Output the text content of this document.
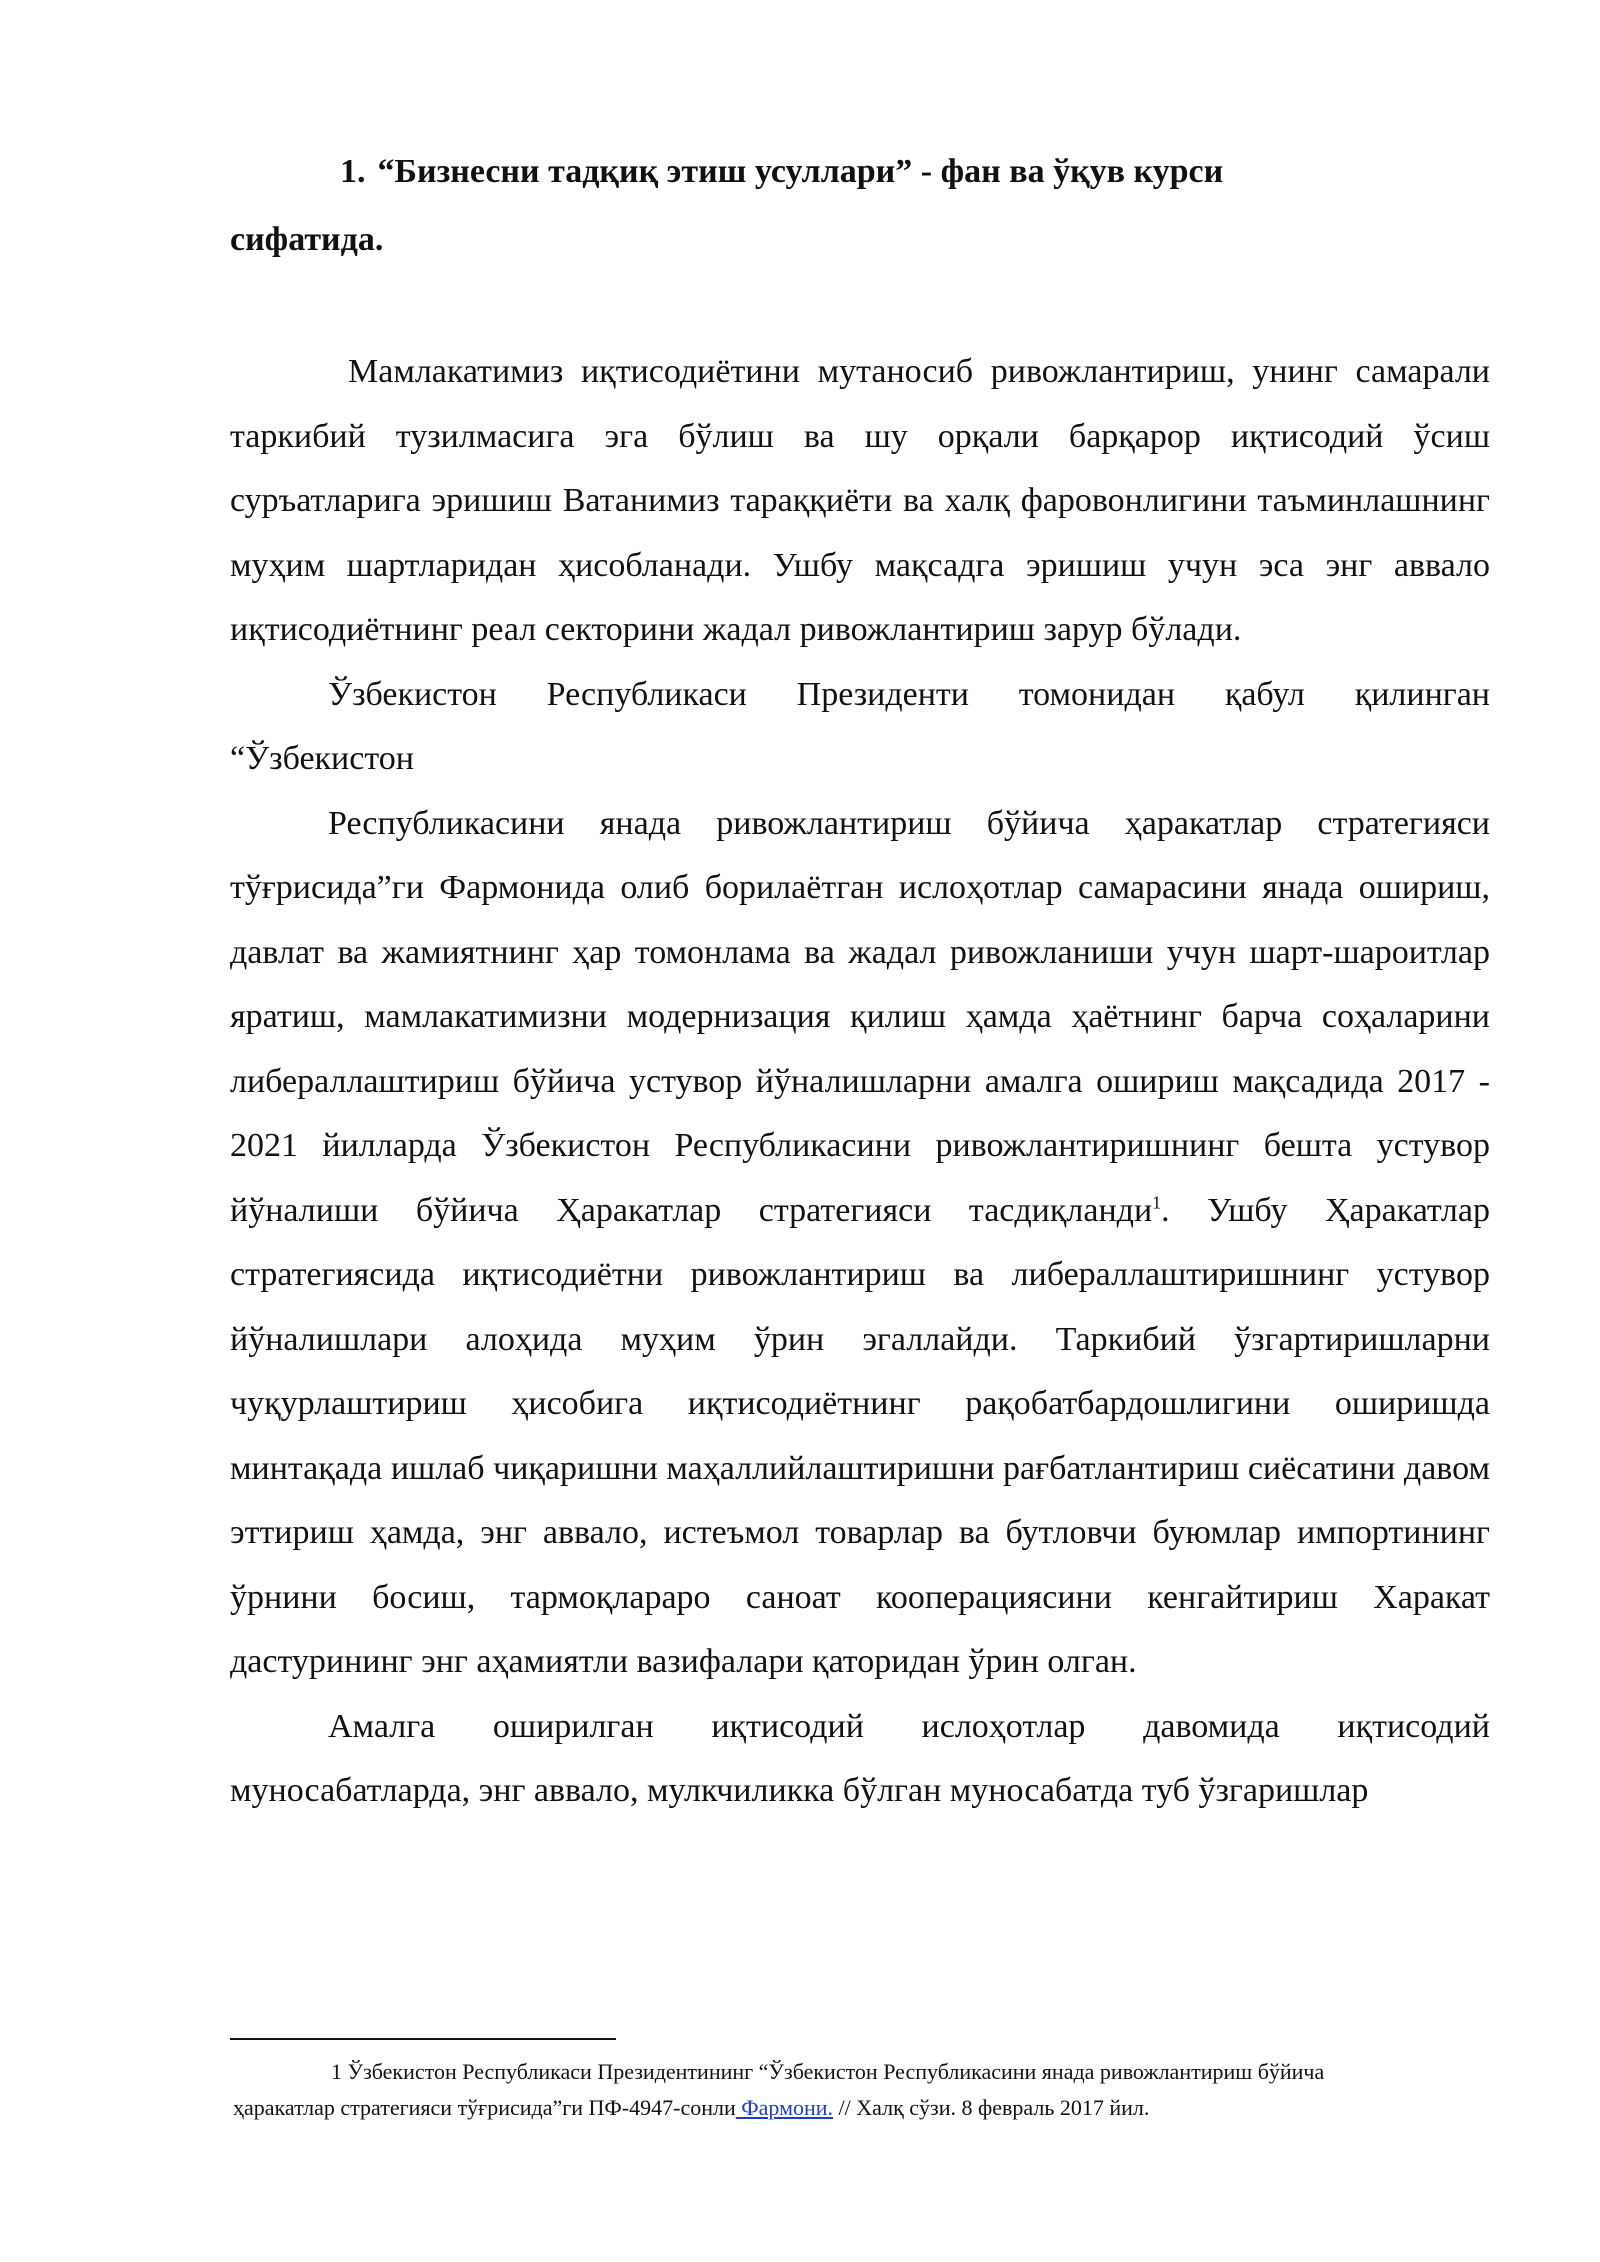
1. “Бизнесни тадқиқ этиш усуллари” - фан ва ўқув курси

сифатида.

Мамлакатимиз иқтисодиётини мутаносиб ривожлантириш, унинг самарали таркибий тузилмасига эга бўлиш ва шу орқали барқарор иқтисодий ўсиш суръатларига эришиш Ватанимиз тараққиёти ва халқ фаровонлигини таъминлашнинг муҳим шартларидан ҳисобланади. Ушбу мақсадга эришиш учун эса энг аввало иқтисодиётнинг реал секторини жадал ривожлантириш зарур бўлади.

Ўзбекистон Республикаси Президенти томонидан қабул қилинган
“Ўзбекистон

Республикасини янада ривожлантириш бўйича ҳаракатлар стратегияси тўғрисида”ги Фармонида олиб борилаётган ислоҳотлар самарасини янада ошириш, давлат ва жамиятнинг ҳар томонлама ва жадал ривожланиши учун шарт-шароитлар яратиш, мамлакатимизни модернизация қилиш ҳамда ҳаётнинг барча соҳаларини либераллаштириш бўйича устувор йўналишларни амалга ошириш мақсадида 2017 - 2021 йилларда Ўзбекистон Республикасини ривожлантиришнинг бешта устувор йўналиши бўйича Ҳаракатлар стратегияси тасдиқланди$^1$. Ушбу Ҳаракатлар стратегиясида иқтисодиётни ривожлантириш ва либераллаштиришнинг устувор йўналишлари алоҳида муҳим ўрин эгаллайди. Таркибий ўзгартиришларни чуқурлаштириш ҳисобига иқтисодиётнинг рақобатбардошлигини оширишда минтақада ишлаб чиқаришни маҳаллийлаштиришни рағбатлантириш сиёсатини давом эттириш ҳамда, энг аввало, истеъмол товарлар ва бутловчи буюмлар импортининг ўрнини босиш, тармоқлараро саноат кооперациясини кенгайтириш Харакат дастурининг энг аҳамиятли вазифалари қаторидан ўрин олган.

Амалга оширилган иқтисодий ислоҳотлар давомида иқтисодий муносабатларда, энг аввало, мулкчиликка бўлган муносабатда туб ўзгаришлар

1 Ўзбекистон Республикаси Президентининг “Ўзбекистон Республикасини янада ривожлантириш бўйича
ҳаракатлар стратегияси тўғрисида”ги ПФ-4947-сонли Фармони. // Халқ сўзи. 8 февраль 2017 йил.
